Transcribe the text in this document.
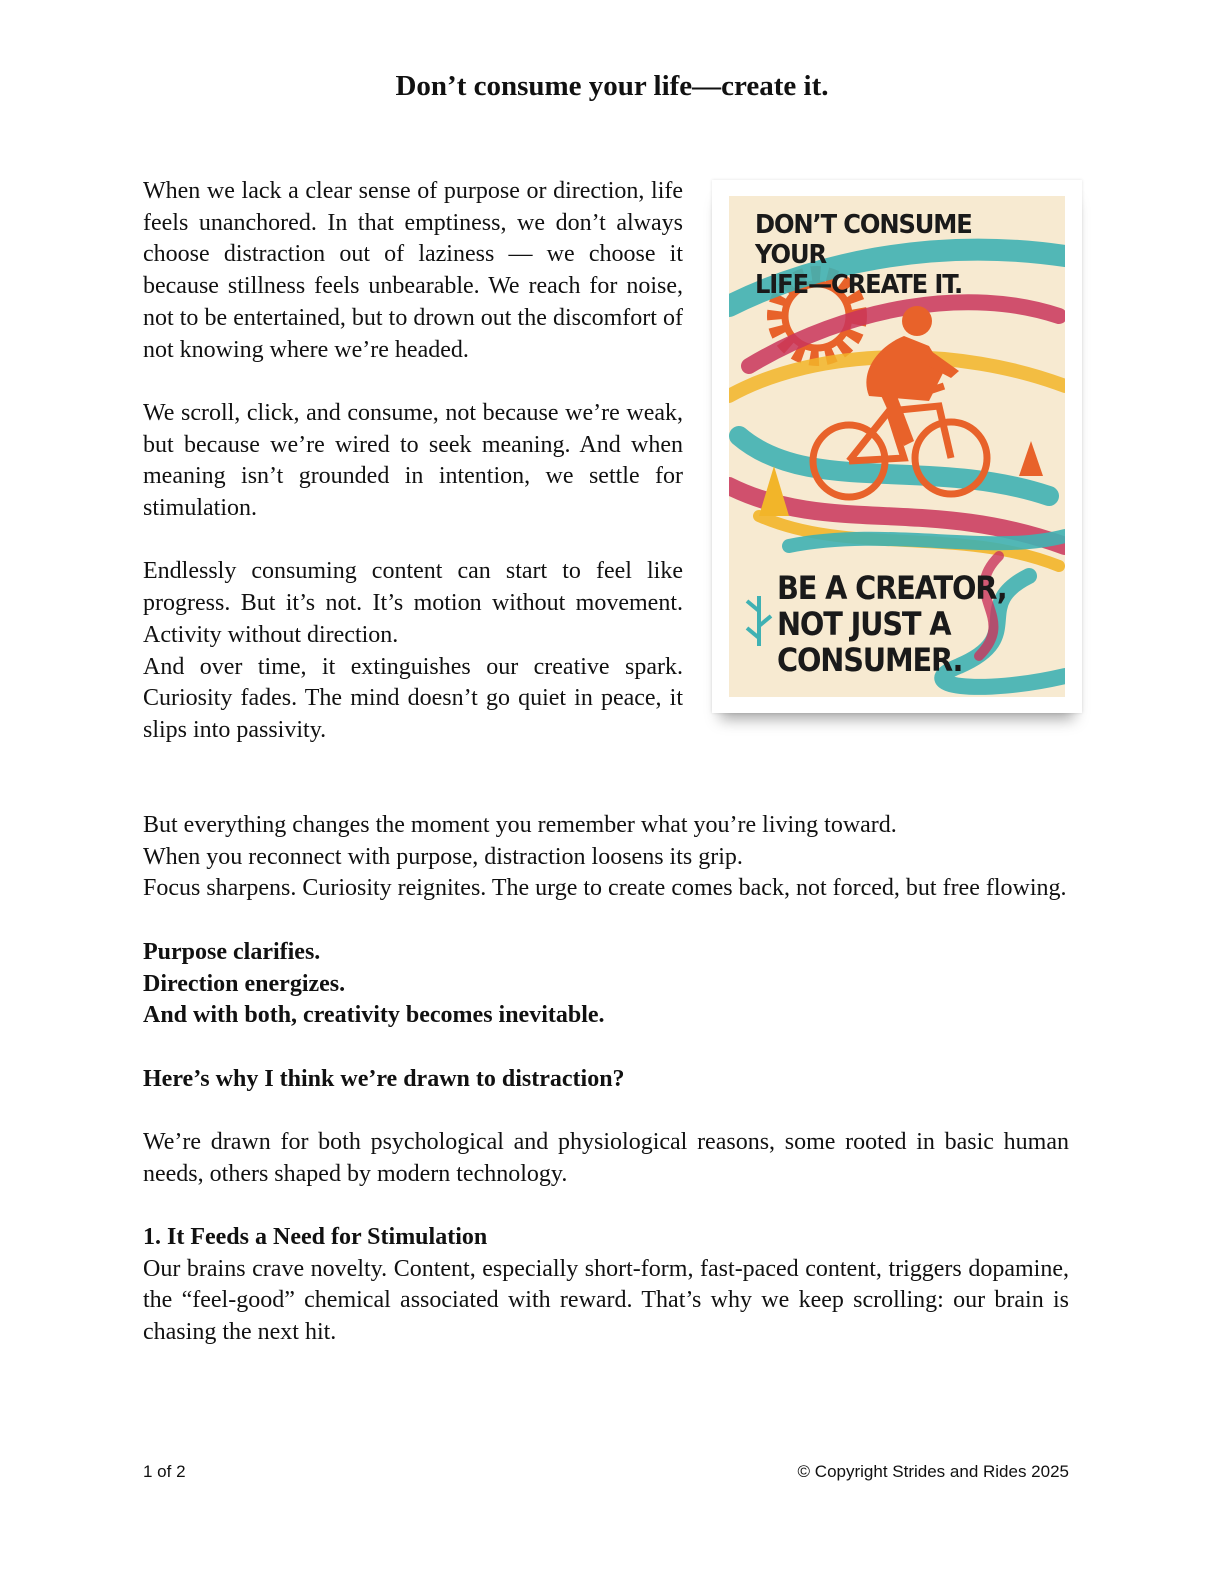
Don’t consume your life—create it.

When we lack a clear sense of purpose or direction, life feels unanchored. In that emptiness, we don’t always choose distraction out of laziness — we choose it because stillness feels unbearable. We reach for noise, not to be entertained, but to drown out the discomfort of not knowing where we’re headed.

We scroll, click, and consume, not because we’re weak, but because we’re wired to seek meaning. And when meaning isn’t grounded in intention, we settle for stimulation.

Endlessly consuming content can start to feel like progress. But it’s not. It’s motion without movement. Activity without direction.

And over time, it extinguishes our creative spark. Curiosity fades. The mind doesn’t go quiet in peace, it slips into passivity.

DON’T CONSUME YOUR
LIFE—CREATE IT.
BE A CREATOR,
NOT JUST A
CONSUMER.

But everything changes the moment you remember what you’re living toward.
When you reconnect with purpose, distraction loosens its grip.
Focus sharpens. Curiosity reignites. The urge to create comes back, not forced, but free flowing.

Purpose clarifies.
Direction energizes.
And with both, creativity becomes inevitable.

Here’s why I think we’re drawn to distraction?

We’re drawn for both psychological and physiological reasons, some rooted in basic human needs, others shaped by modern technology.

1. It Feeds a Need for Stimulation
Our brains crave novelty. Content, especially short-form, fast-paced content, triggers dopamine, the “feel-good” chemical associated with reward. That’s why we keep scrolling: our brain is chasing the next hit.

1 of 2	© Copyright Strides and Rides 2025
